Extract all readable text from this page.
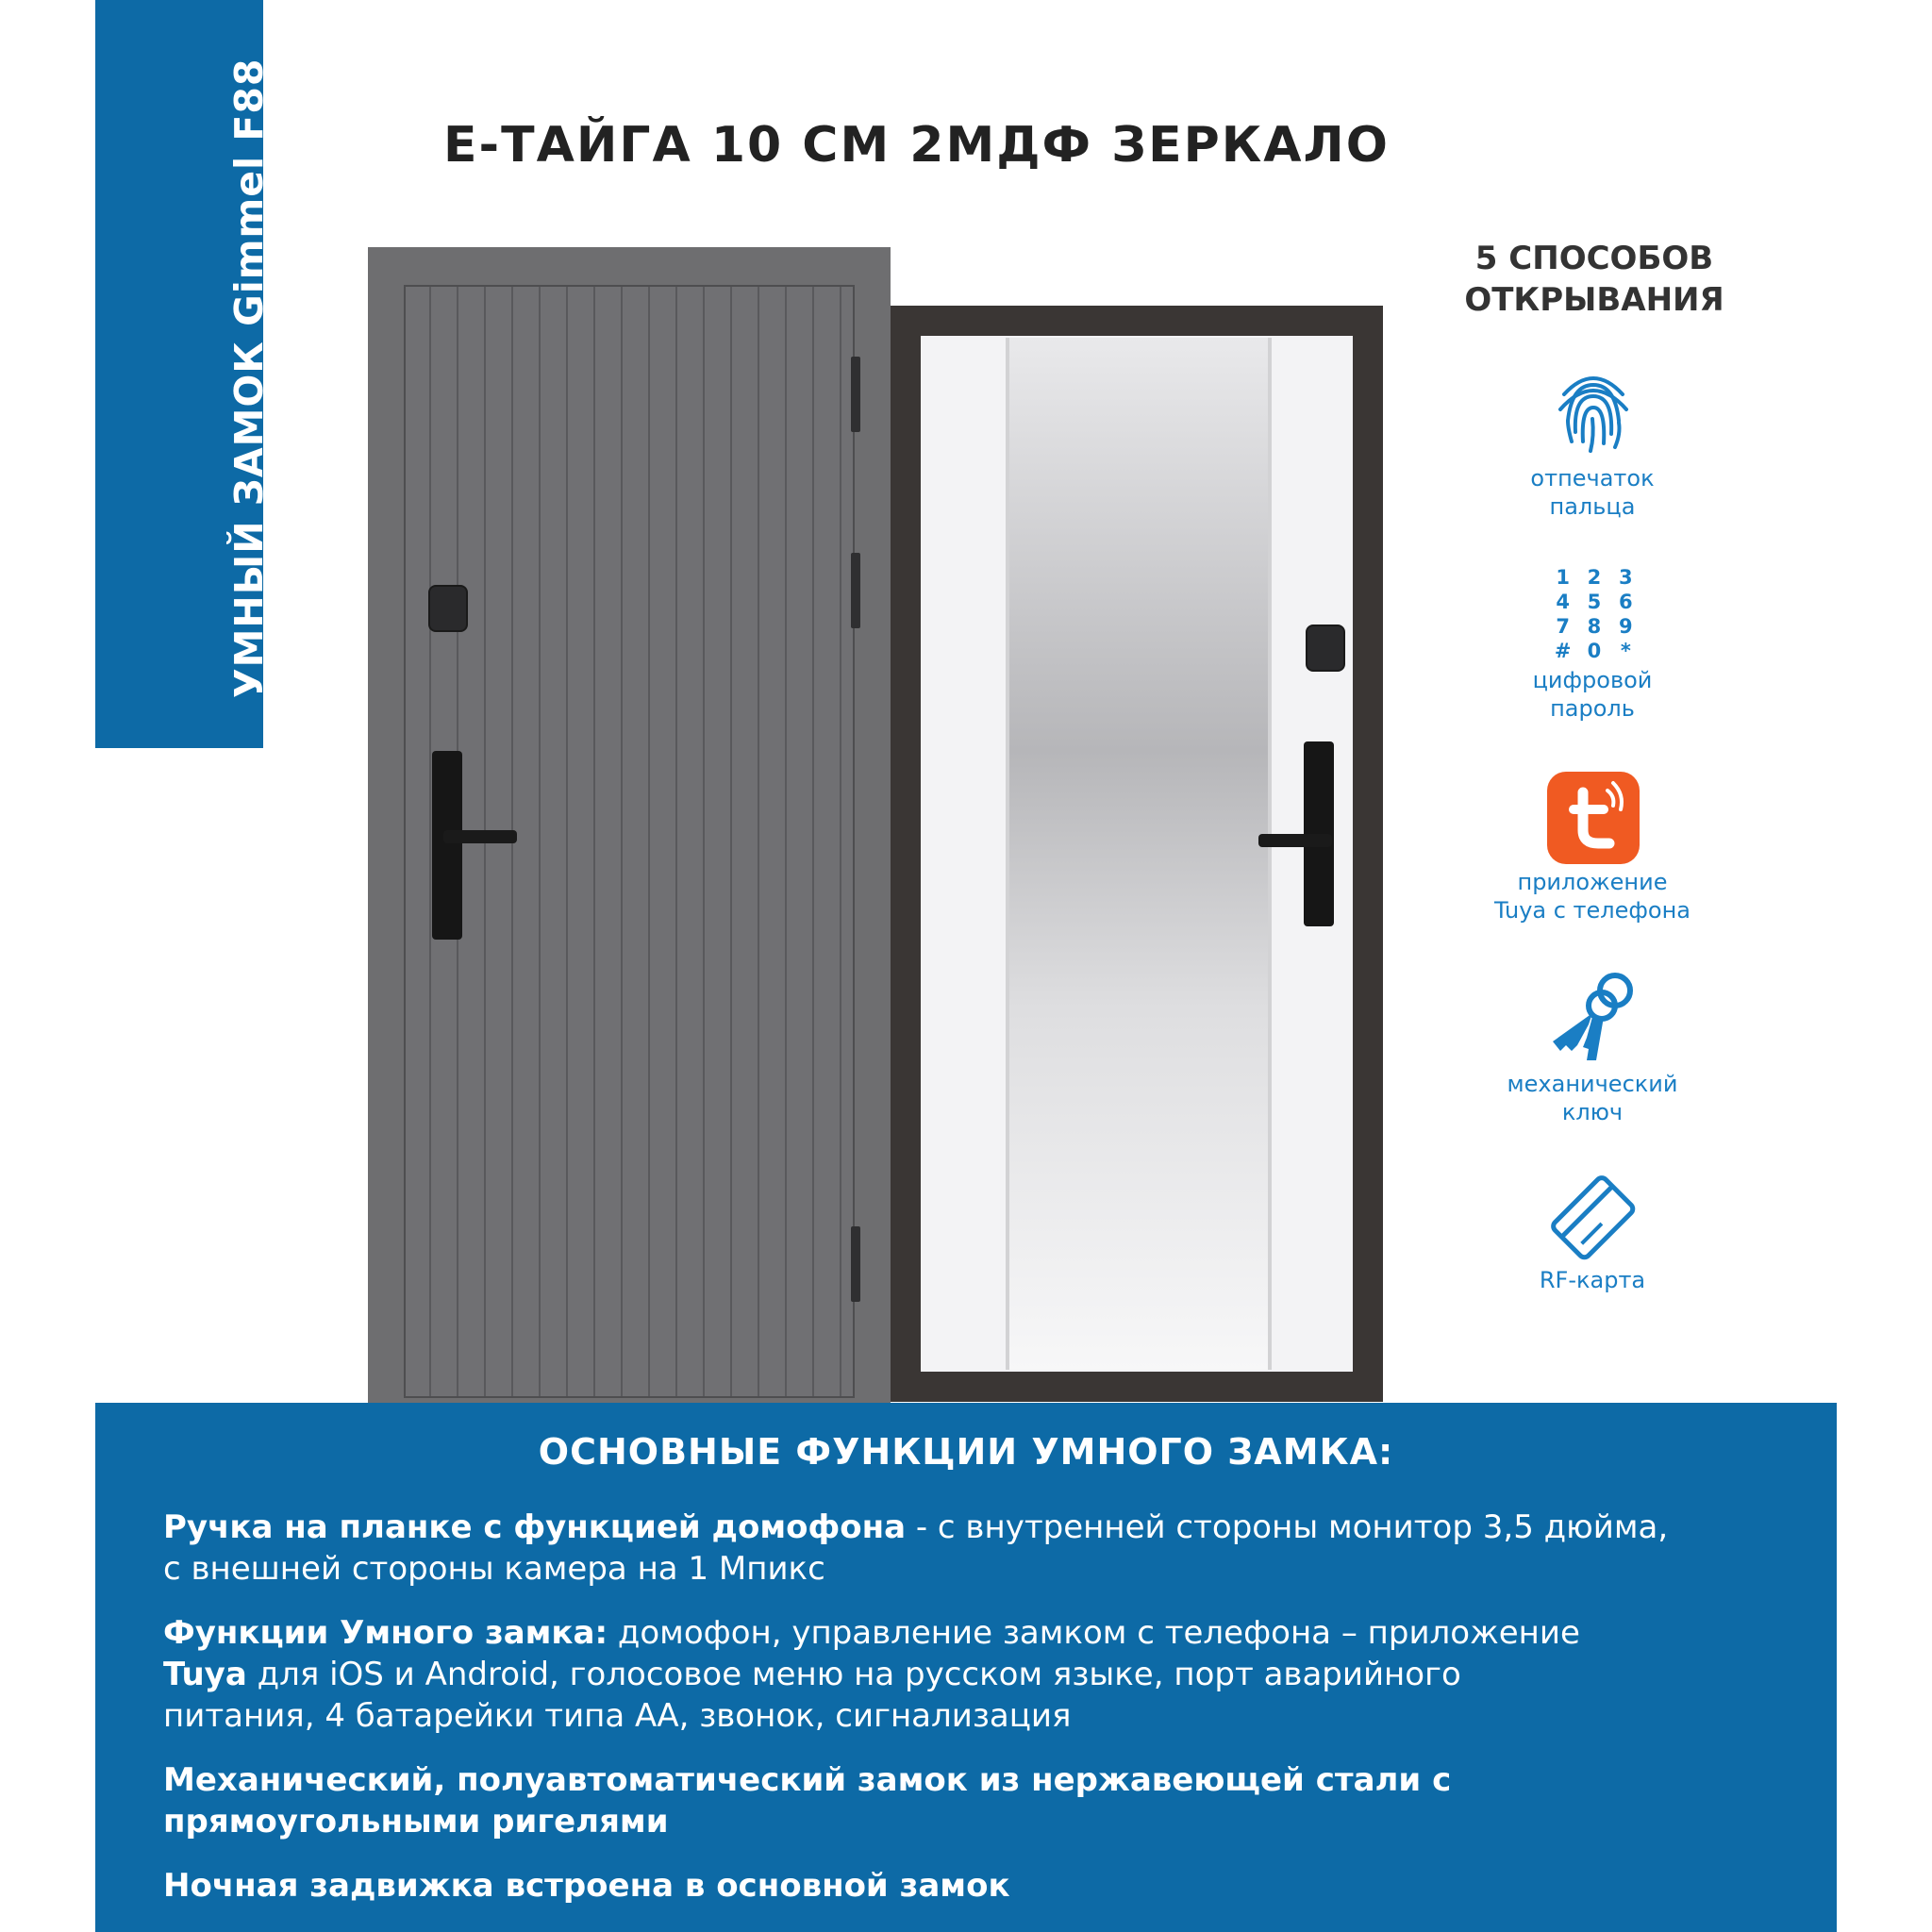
УМНЫЙ ЗАМОК Gimmel F88	E-ТАЙГА 10 СМ 2МДФ ЗЕРКАЛО
5 СПОСОБОВ
ОТКРЫВАНИЯ
отпечаток
пальца
1 2 3
4 5 6
7 8 9
# 0 *
цифровой
пароль
приложение
Tuya с телефона
механический
ключ
RF-карта
ОСНОВНЫЕ ФУНКЦИИ УМНОГО ЗАМКА:
Ручка на планке с функцией домофона - с внутренней стороны монитор 3,5 дюйма,
с внешней стороны камера на 1 Мпикс
Функции Умного замка: домофон, управление замком с телефона – приложение
Tuya для iOS и Android, голосовое меню на русском языке, порт аварийного
питания, 4 батарейки типа АА, звонок, сигнализация
Механический, полуавтоматический замок из нержавеющей стали с
прямоугольными ригелями
Ночная задвижка встроена в основной замок
